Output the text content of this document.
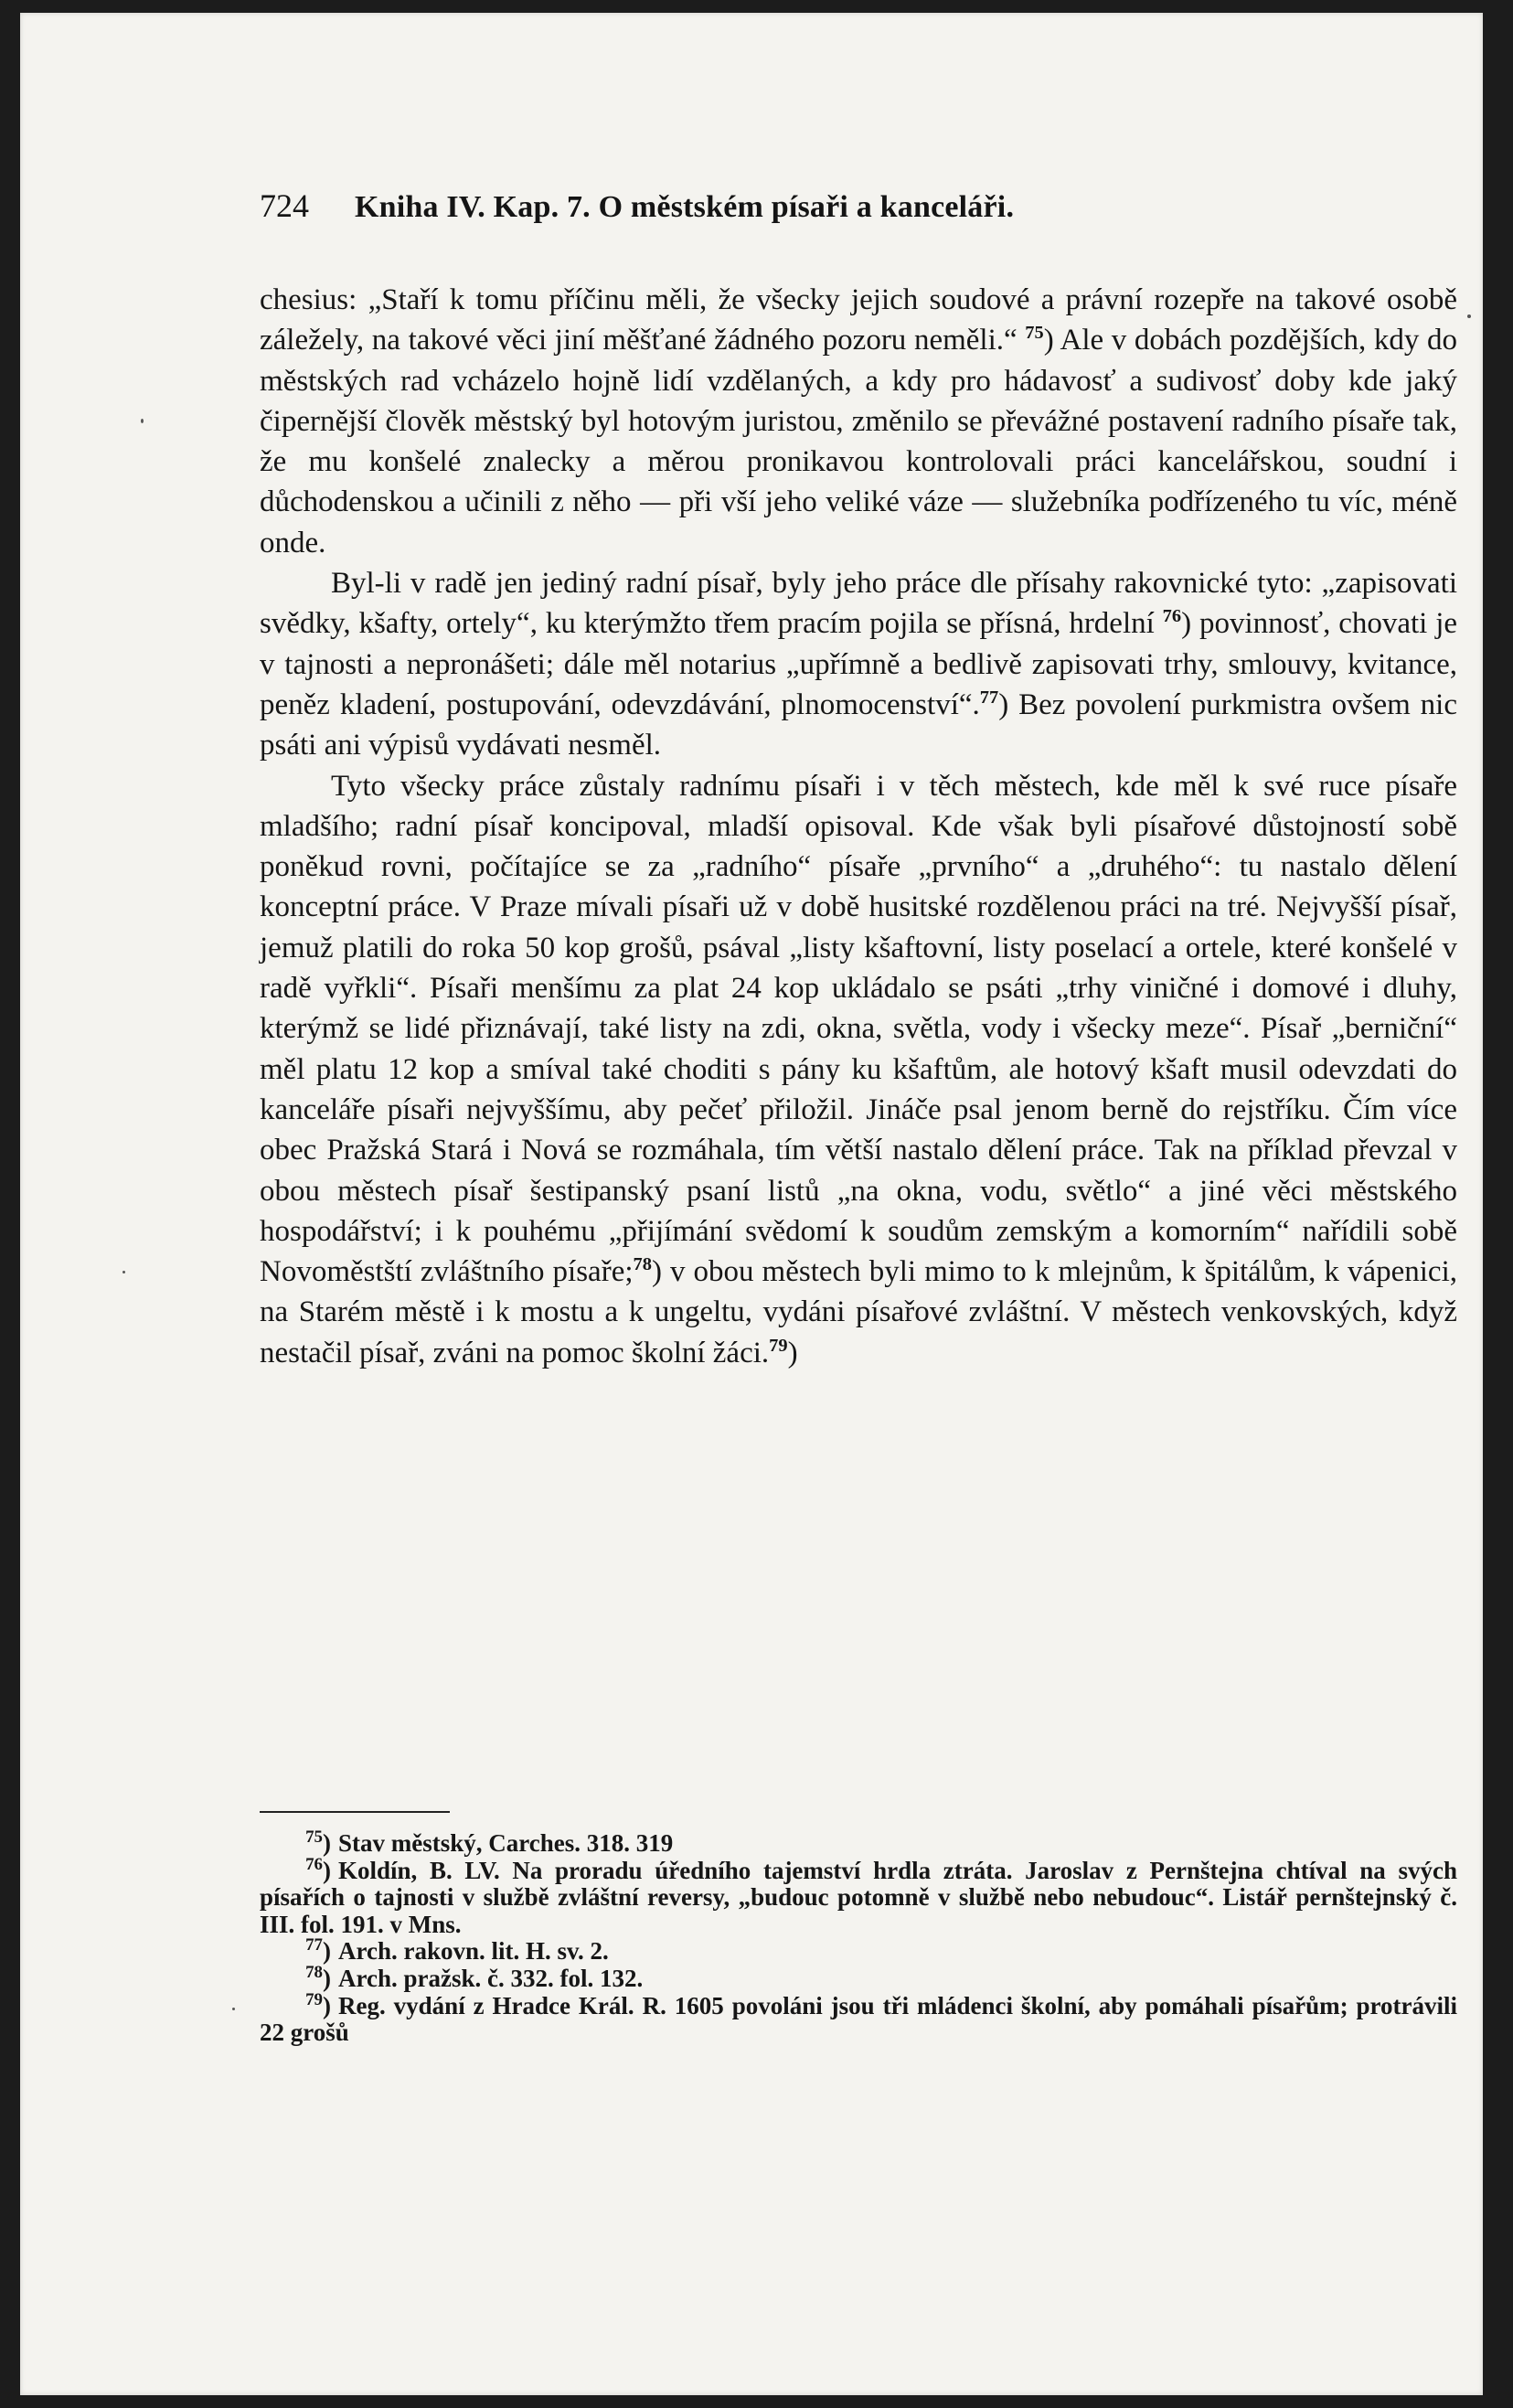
724 Kniha IV. Kap. 7. O městském písaři a kanceláři.

chesius: „Staří k tomu příčinu měli, že všecky jejich soudové a právní rozepře na takové osobě záležely, na takové věci jiní měšťané žádného pozoru neměli.“ $^{75}$) Ale v dobách pozdějších, kdy do městských rad vcházelo hojně lidí vzdělaných, a kdy pro hádavosť a sudivosť doby kde jaký čipernější člověk městský byl hotovým juristou, změnilo se převážné postavení radního písaře tak, že mu konšelé znalecky a měrou pronikavou kontrolovali práci kancelářskou, soudní i důchodenskou a učinili z něho — při vší jeho veliké váze — služebníka podřízeného tu víc, méně onde.

Byl-li v radě jen jediný radní písař, byly jeho práce dle přísahy rakovnické tyto: „zapisovati svědky, kšafty, ortely“, ku kterýmžto třem pracím pojila se přísná, hrdelní $^{76}$) povinnosť, chovati je v tajnosti a nepronášeti; dále měl notarius „upřímně a bedlivě zapisovati trhy, smlouvy, kvitance, peněz kladení, postupování, odevzdávání, plnomocenství“.$^{77}$) Bez povolení purkmistra ovšem nic psáti ani výpisů vydávati nesměl.

Tyto všecky práce zůstaly radnímu písaři i v těch městech, kde měl k své ruce písaře mladšího; radní písař koncipoval, mladší opisoval. Kde však byli písařové důstojností sobě poněkud rovni, počítajíce se za „radního“ písaře „prvního“ a „druhého“: tu nastalo dělení konceptní práce. V Praze mívali písaři už v době husitské rozdělenou práci na tré. Nejvyšší písař, jemuž platili do roka 50 kop grošů, psával „listy kšaftovní, listy poselací a ortele, které konšelé v radě vyřkli“. Písaři menšímu za plat 24 kop ukládalo se psáti „trhy viničné i domové i dluhy, kterýmž se lidé přiznávají, také listy na zdi, okna, světla, vody i všecky meze“. Písař „berniční“ měl platu 12 kop a smíval také choditi s pány ku kšaftům, ale hotový kšaft musil odevzdati do kanceláře písaři nejvyššímu, aby pečeť přiložil. Jináče psal jenom berně do rejstříku. Čím více obec Pražská Stará i Nová se rozmáhala, tím větší nastalo dělení práce. Tak na příklad převzal v obou městech písař šestipanský psaní listů „na okna, vodu, světlo“ a jiné věci městského hospodářství; i k pouhému „přijímání svědomí k soudům zemským a komorním“ nařídili sobě Novoměstští zvláštního písaře;$^{78}$) v obou městech byli mimo to k mlejnům, k špitálům, k vápenici, na Starém městě i k mostu a k ungeltu, vydáni písařové zvláštní. V městech venkovských, když nestačil písař, zváni na pomoc školní žáci.$^{79}$)

$^{75}$) Stav městský, Carches. 318. 319

$^{76}$) Koldín, B. LV. Na proradu úředního tajemství hrdla ztráta. Jaroslav z Pernštejna chtíval na svých písařích o tajnosti v službě zvláštní reversy, „budouc potomně v službě nebo nebudouc“. Listář pernštejnský č. III. fol. 191. v Mns.

$^{77}$) Arch. rakovn. lit. H. sv. 2.

$^{78}$) Arch. pražsk. č. 332. fol. 132.

$^{79}$) Reg. vydání z Hradce Král. R. 1605 povoláni jsou tři mládenci školní, aby pomáhali písařům; protrávili 22 grošů
